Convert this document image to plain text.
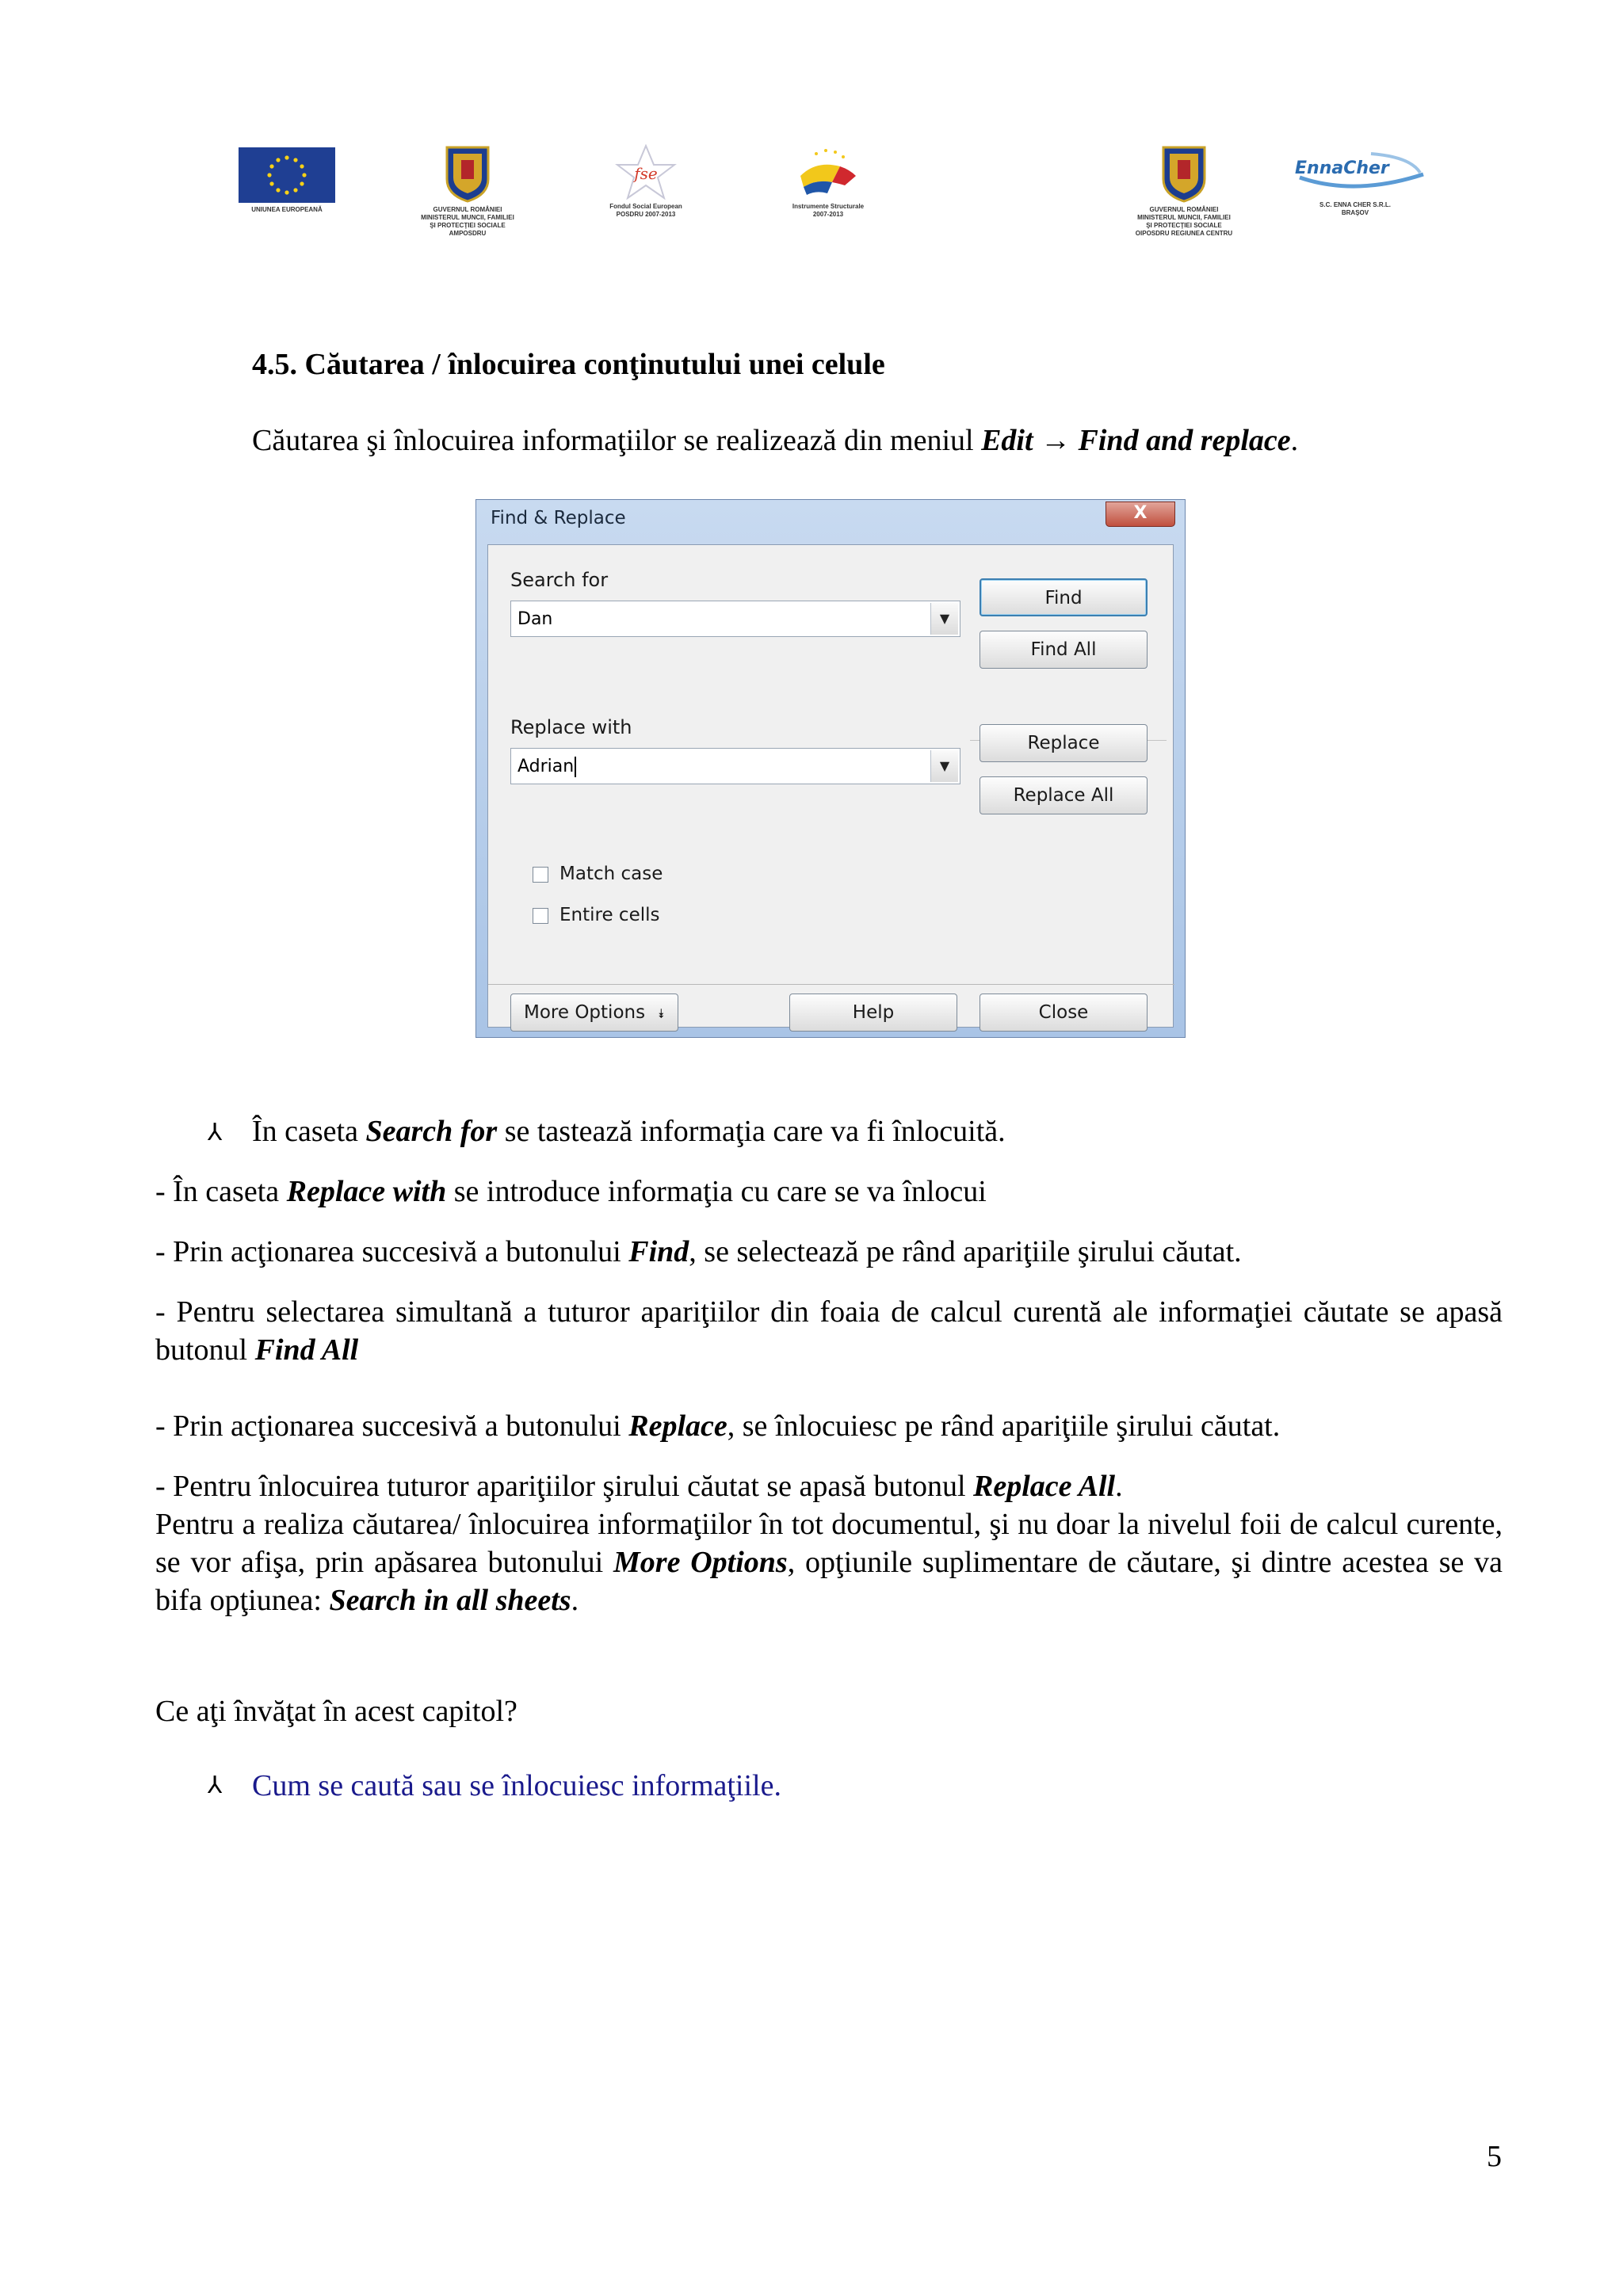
UNIUNEA EUROPEANĂ	GUVERNUL ROMÂNIEI
MINISTERUL MUNCII, FAMILIEI
ŞI PROTECŢIEI SOCIALE
AMPOSDRU
fse
Fondul Social European
POSDRU 2007-2013
Instrumente Structurale
2007-2013
GUVERNUL ROMÂNIEI
MINISTERUL MUNCII, FAMILIEI
ŞI PROTECŢIEI SOCIALE
OIPOSDRU REGIUNEA CENTRU
EnnaCher
S.C. ENNA CHER S.R.L.
BRAŞOV
4.5. Căutarea / înlocuirea conţinutului unei celule
Căutarea şi înlocuirea informaţiilor se realizează din meniul Edit → Find and replace.
Find & Replace	X
Search for
Dan	▼
Replace with
Adrian	▼
Find
Find All
Replace
Replace All
Match case
Entire cells
More Options ⯯	Help	Close
⅄ În caseta Search for se tastează informaţia care va fi înlocuită.
- În caseta Replace with se introduce informaţia cu care se va înlocui
- Prin acţionarea succesivă a butonului Find, se selectează pe rând apariţiile şirului căutat.
- Pentru selectarea simultană a tuturor apariţiilor din foaia de calcul curentă ale informaţiei căutate se apasă butonul Find All
- Prin acţionarea succesivă a butonului Replace, se înlocuiesc pe rând apariţiile şirului căutat.
- Pentru înlocuirea tuturor apariţiilor şirului căutat se apasă butonul Replace All.
Pentru a realiza căutarea/ înlocuirea informaţiilor în tot documentul, şi nu doar la nivelul foii de calcul curente, se vor afişa, prin apăsarea butonului More Options, opţiunile suplimentare de căutare, şi dintre acestea se va bifa opţiunea: Search in all sheets.
Ce aţi învăţat în acest capitol?
⅄ Cum se caută sau se înlocuiesc informaţiile.
5
